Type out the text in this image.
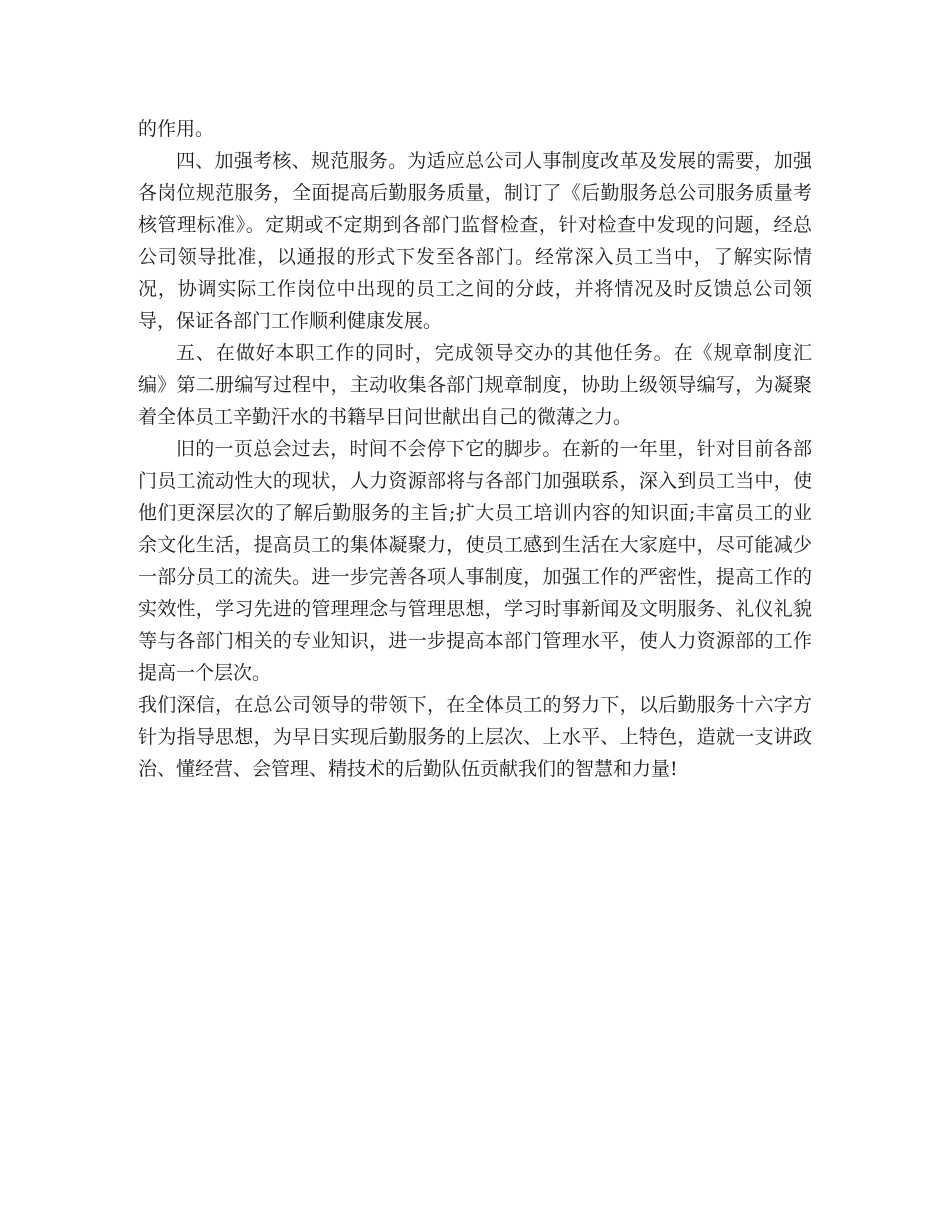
的作用。

四、加强考核、规范服务。为适应总公司人事制度改革及发展的需要，加强各岗位规范服务，全面提高后勤服务质量，制订了《后勤服务总公司服务质量考核管理标准》。定期或不定期到各部门监督检查，针对检查中发现的问题，经总公司领导批准，以通报的形式下发至各部门。经常深入员工当中，了解实际情况，协调实际工作岗位中出现的员工之间的分歧，并将情况及时反馈总公司领导，保证各部门工作顺利健康发展。

五、在做好本职工作的同时，完成领导交办的其他任务。在《规章制度汇编》第二册编写过程中，主动收集各部门规章制度，协助上级领导编写，为凝聚着全体员工辛勤汗水的书籍早日问世献出自己的微薄之力。

旧的一页总会过去，时间不会停下它的脚步。在新的一年里，针对目前各部门员工流动性大的现状，人力资源部将与各部门加强联系，深入到员工当中，使他们更深层次的了解后勤服务的主旨;扩大员工培训内容的知识面;丰富员工的业余文化生活，提高员工的集体凝聚力，使员工感到生活在大家庭中，尽可能减少一部分员工的流失。进一步完善各项人事制度，加强工作的严密性，提高工作的实效性，学习先进的管理理念与管理思想，学习时事新闻及文明服务、礼仪礼貌等与各部门相关的专业知识，进一步提高本部门管理水平，使人力资源部的工作提高一个层次。

我们深信，在总公司领导的带领下，在全体员工的努力下，以后勤服务十六字方针为指导思想，为早日实现后勤服务的上层次、上水平、上特色，造就一支讲政治、懂经营、会管理、精技术的后勤队伍贡献我们的智慧和力量!
